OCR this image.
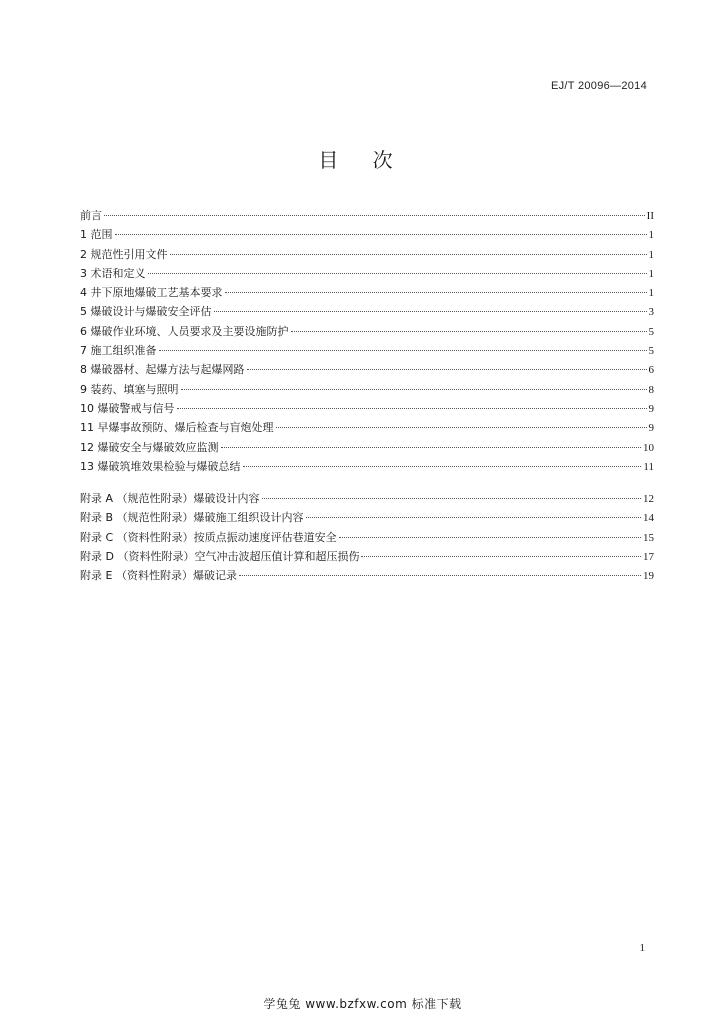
EJ/T 20096—2014
目 次
前言	II
1 范围	1
2 规范性引用文件	1
3 术语和定义	1
4 井下原地爆破工艺基本要求	1
5 爆破设计与爆破安全评估	3
6 爆破作业环境、人员要求及主要设施防护	5
7 施工组织准备	5
8 爆破器材、起爆方法与起爆网路	6
9 装药、填塞与照明	8
10 爆破警戒与信号	9
11 早爆事故预防、爆后检查与盲炮处理	9
12 爆破安全与爆破效应监测	10
13 爆破筑堆效果检验与爆破总结	11
附录 A （规范性附录）爆破设计内容	12
附录 B （规范性附录）爆破施工组织设计内容	14
附录 C （资料性附录）按质点振动速度评估巷道安全	15
附录 D （资料性附录）空气冲击波超压值计算和超压损伤	17
附录 E （资料性附录）爆破记录	19
1
学兔兔 www.bzfxw.com 标准下载
